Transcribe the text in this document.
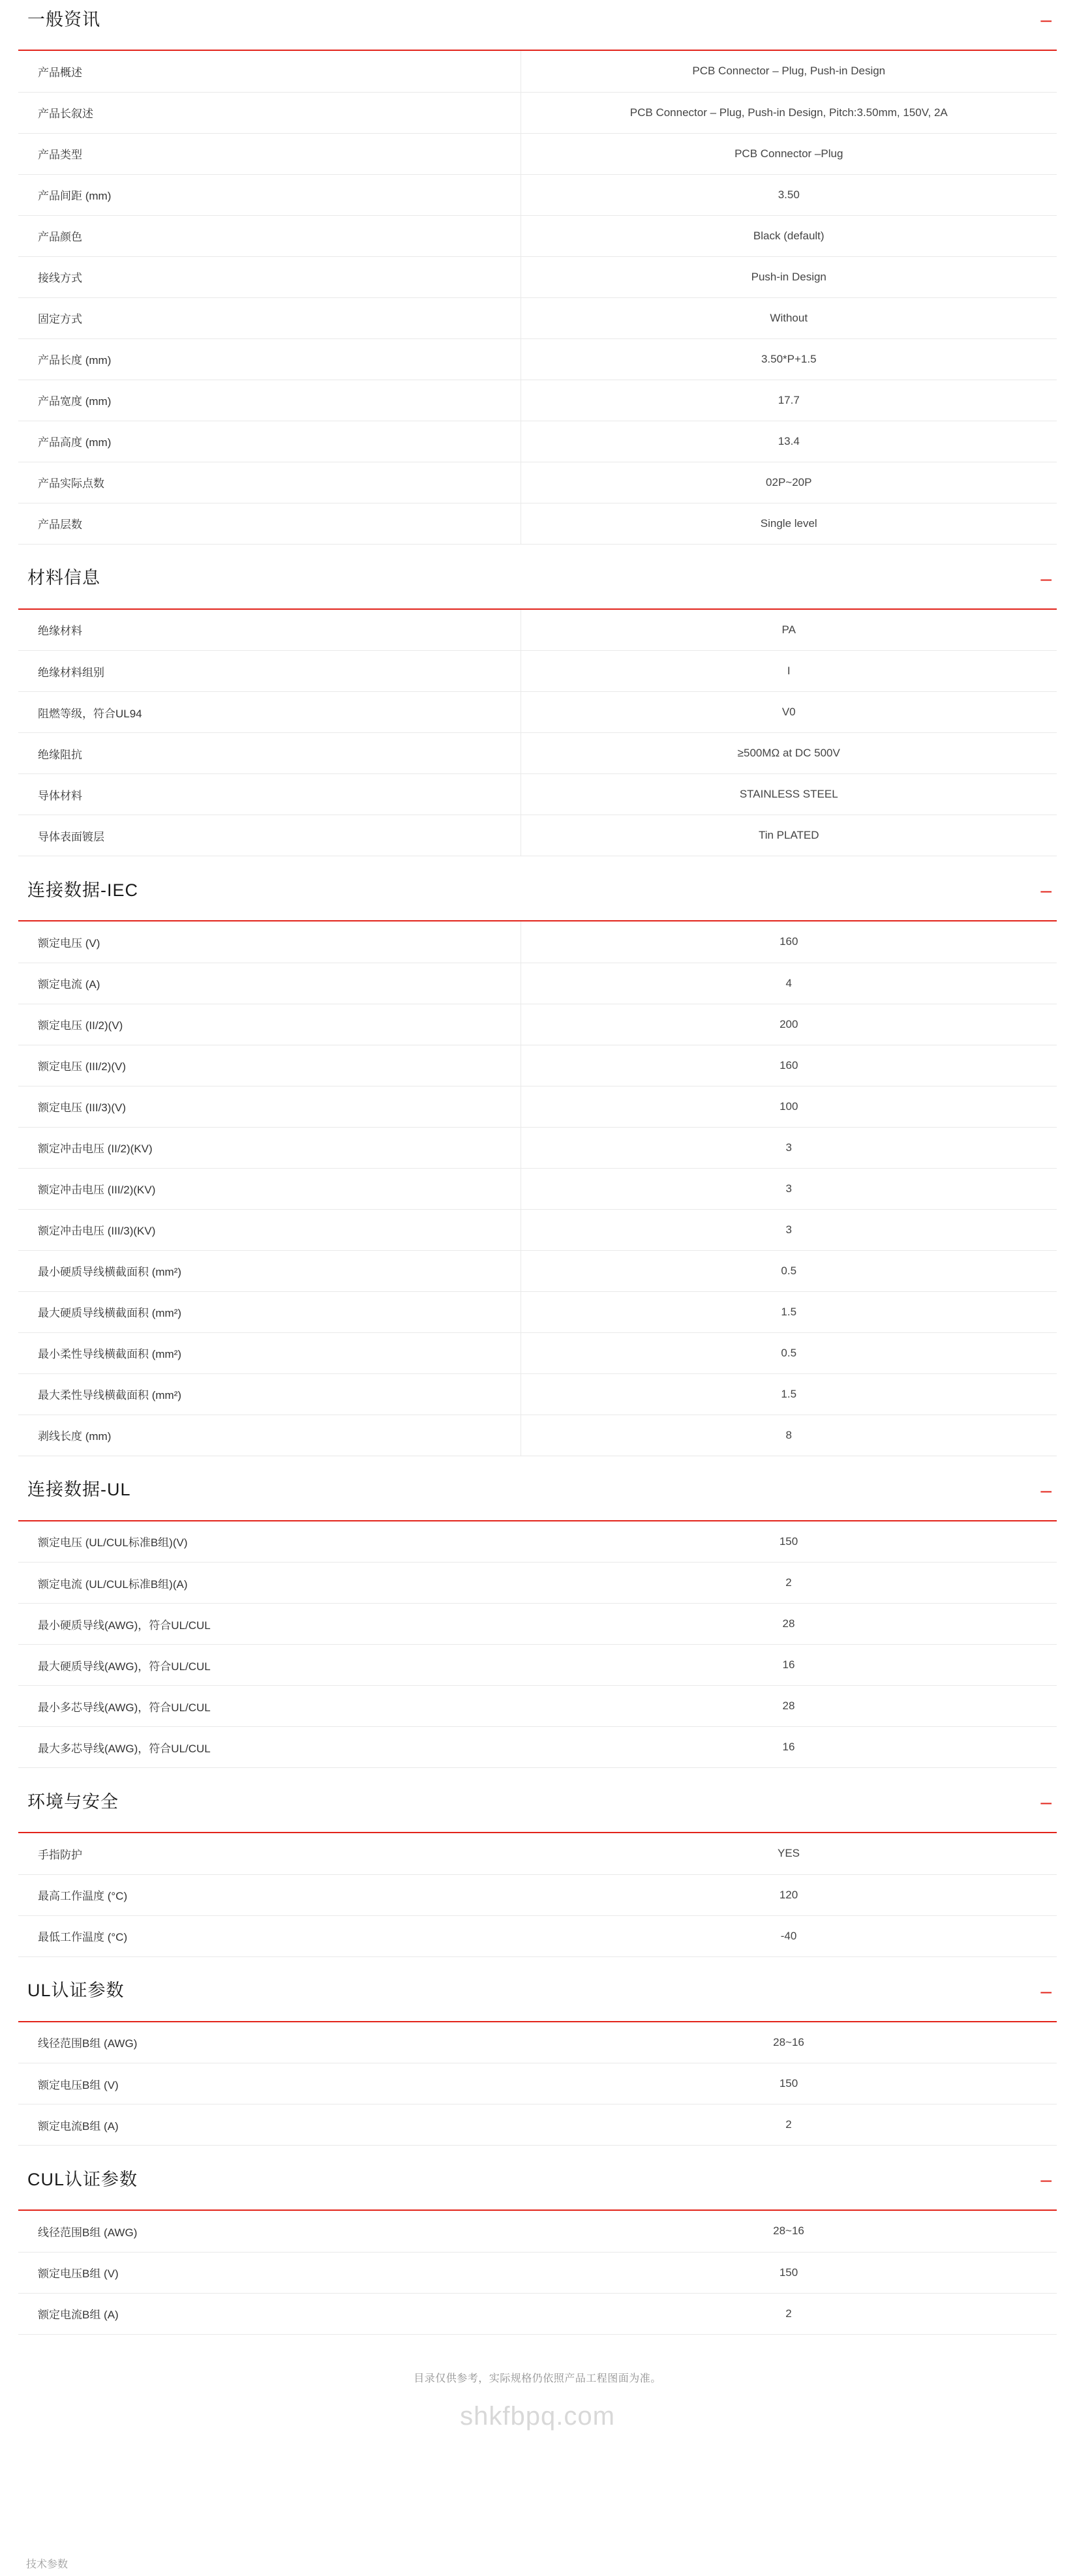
一般资讯	–
产品概述	PCB Connector – Plug, Push-in Design
产品长叙述	PCB Connector – Plug, Push-in Design, Pitch:3.50mm, 150V, 2A
产品类型	PCB Connector –Plug
产品间距 (mm)	3.50
产品颜色	Black (default)
接线方式	Push-in Design
固定方式	Without
产品长度 (mm)	3.50*P+1.5
产品宽度 (mm)	17.7
产品高度 (mm)	13.4
产品实际点数	02P~20P
产品层数	Single level
材料信息	–
绝缘材料	PA
绝缘材料组别	I
阻燃等级，符合UL94	V0
绝缘阻抗	≥500MΩ at DC 500V
导体材料	STAINLESS STEEL
导体表面镀层	Tin PLATED
连接数据-IEC	–
额定电压 (V)	160
额定电流 (A)	4
额定电压 (II/2)(V)	200
额定电压 (III/2)(V)	160
额定电压 (III/3)(V)	100
额定冲击电压 (II/2)(KV)	3
额定冲击电压 (III/2)(KV)	3
额定冲击电压 (III/3)(KV)	3
最小硬质导线横截面积 (mm²)	0.5
最大硬质导线横截面积 (mm²)	1.5
最小柔性导线横截面积 (mm²)	0.5
最大柔性导线横截面积 (mm²)	1.5
剥线长度 (mm)	8
连接数据-UL	–
额定电压 (UL/CUL标准B组)(V)	150
额定电流 (UL/CUL标准B组)(A)	2
最小硬质导线(AWG)，符合UL/CUL	28
最大硬质导线(AWG)，符合UL/CUL	16
最小多芯导线(AWG)，符合UL/CUL	28
最大多芯导线(AWG)，符合UL/CUL	16
环境与安全	–
手指防护	YES
最高工作温度 (°C)	120
最低工作温度 (°C)	-40
UL认证参数	–
线径范围B组 (AWG)	28~16
额定电压B组 (V)	150
额定电流B组 (A)	2
CUL认证参数	–
线径范围B组 (AWG)	28~16
额定电压B组 (V)	150
额定电流B组 (A)	2
目录仅供参考，实际规格仍依照产品工程图面为准。
shkfbpq.com
技术参数
